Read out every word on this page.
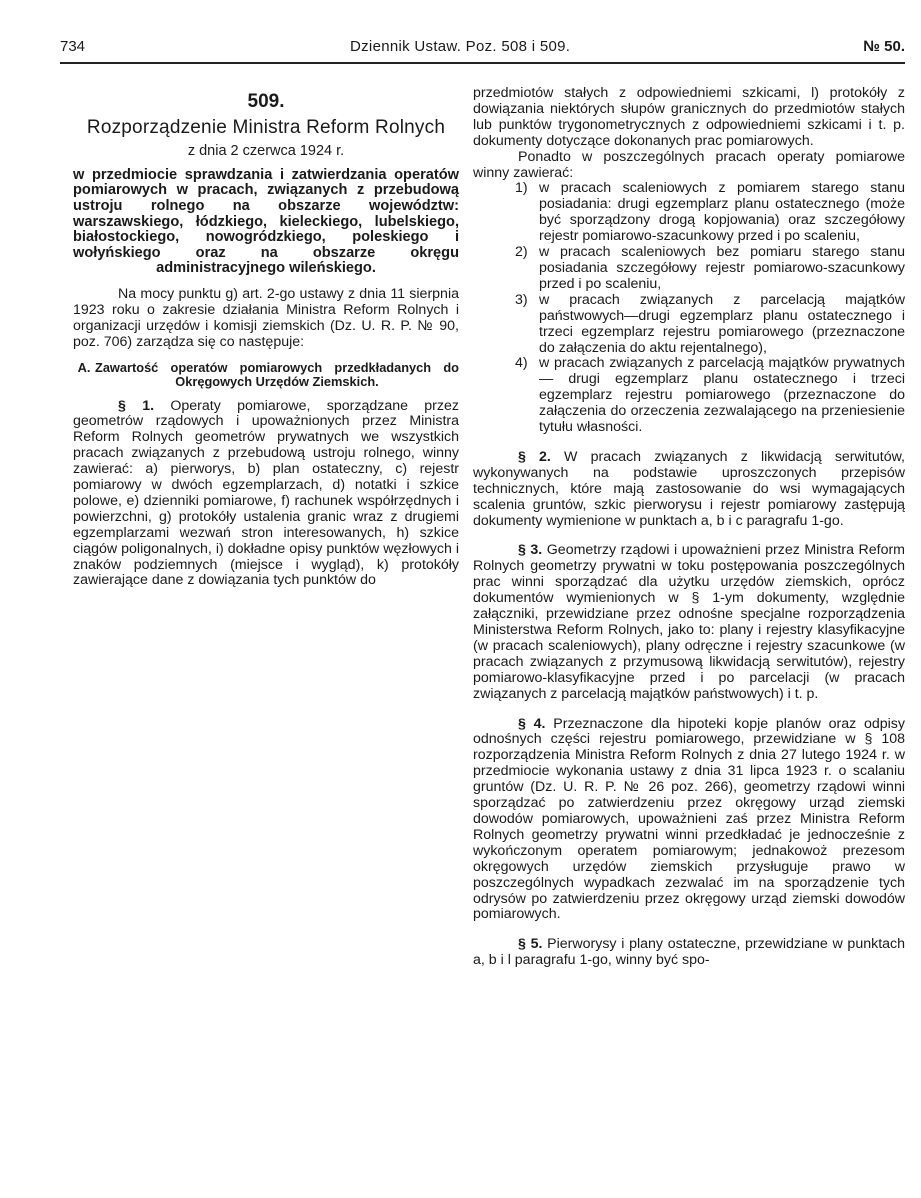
734	Dziennik Ustaw. Poz. 508 i 509.	№ 50.
509.
Rozporządzenie Ministra Reform Rolnych
z dnia 2 czerwca 1924 r.
w przedmiocie sprawdzania i zatwierdzania operatów pomiarowych w pracach, związanych z przebudową ustroju rolnego na obszarze województw: warszawskiego, łódzkiego, kieleckiego, lubelskiego, białostockiego, nowogródzkiego, poleskiego i wołyńskiego oraz na obszarze okręgu administracyjnego wileńskiego.

Na mocy punktu g) art. 2-go ustawy z dnia 11 sierpnia 1923 roku o zakresie działania Ministra Reform Rolnych i organizacji urzędów i komisji ziemskich (Dz. U. R. P. № 90, poz. 706) zarządza się co następuje:

A. Zawartość operatów pomiarowych przedkładanych do Okręgowych Urzędów Ziemskich.

§ 1. Operaty pomiarowe, sporządzane przez geometrów rządowych i upoważnionych przez Ministra Reform Rolnych geometrów prywatnych we wszystkich pracach związanych z przebudową ustroju rolnego, winny zawierać: a) pierworys, b) plan ostateczny, c) rejestr pomiarowy w dwóch egzemplarzach, d) notatki i szkice polowe, e) dzienniki pomiarowe, f) rachunek współrzędnych i powierzchni, g) protokóły ustalenia granic wraz z drugiemi egzemplarzami wezwań stron interesowanych, h) szkice ciągów poligonalnych, i) dokładne opisy punktów węzłowych i znaków podziemnych (miejsce i wygląd), k) protokóły zawierające dane z dowiązania tych punktów do

przedmiotów stałych z odpowiedniemi szkicami, l) protokóły z dowiązania niektórych słupów granicznych do przedmiotów stałych lub punktów trygonometrycznych z odpowiedniemi szkicami i t. p. dokumenty dotyczące dokonanych prac pomiarowych.

Ponadto w poszczególnych pracach operaty pomiarowe winny zawierać:

1) w pracach scaleniowych z pomiarem starego stanu posiadania: drugi egzemplarz planu ostatecznego (może być sporządzony drogą kopjowania) oraz szczegółowy rejestr pomiarowo-szacunkowy przed i po scaleniu,
2) w pracach scaleniowych bez pomiaru starego stanu posiadania szczegółowy rejestr pomiarowo-szacunkowy przed i po scaleniu,
3) w pracach związanych z parcelacją majątków państwowych—drugi egzemplarz planu ostatecznego i trzeci egzemplarz rejestru pomiarowego (przeznaczone do załączenia do aktu rejentalnego),
4) w pracach związanych z parcelacją majątków prywatnych — drugi egzemplarz planu ostatecznego i trzeci egzemplarz rejestru pomiarowego (przeznaczone do załączenia do orzeczenia zezwalającego na przeniesienie tytułu własności.

§ 2. W pracach związanych z likwidacją serwitutów, wykonywanych na podstawie uproszczonych przepisów technicznych, które mają zastosowanie do wsi wymagających scalenia gruntów, szkic pierworysu i rejestr pomiarowy zastępują dokumenty wymienione w punktach a, b i c paragrafu 1-go.

§ 3. Geometrzy rządowi i upoważnieni przez Ministra Reform Rolnych geometrzy prywatni w toku postępowania poszczególnych prac winni sporządzać dla użytku urzędów ziemskich, oprócz dokumentów wymienionych w § 1-ym dokumenty, względnie załączniki, przewidziane przez odnośne specjalne rozporządzenia Ministerstwa Reform Rolnych, jako to: plany i rejestry klasyfikacyjne (w pracach scaleniowych), plany odręczne i rejestry szacunkowe (w pracach związanych z przymusową likwidacją serwitutów), rejestry pomiarowo-klasyfikacyjne przed i po parcelacji (w pracach związanych z parcelacją majątków państwowych) i t. p.

§ 4. Przeznaczone dla hipoteki kopje planów oraz odpisy odnośnych części rejestru pomiarowego, przewidziane w § 108 rozporządzenia Ministra Reform Rolnych z dnia 27 lutego 1924 r. w przedmiocie wykonania ustawy z dnia 31 lipca 1923 r. o scalaniu gruntów (Dz. U. R. P. № 26 poz. 266), geometrzy rządowi winni sporządzać po zatwierdzeniu przez okręgowy urząd ziemski dowodów pomiarowych, upoważnieni zaś przez Ministra Reform Rolnych geometrzy prywatni winni przedkładać je jednocześnie z wykończonym operatem pomiarowym; jednakowoż prezesom okręgowych urzędów ziemskich przysługuje prawo w poszczególnych wypadkach zezwalać im na sporządzenie tych odrysów po zatwierdzeniu przez okręgowy urząd ziemski dowodów pomiarowych.

§ 5. Pierworysy i plany ostateczne, przewidziane w punktach a, b i l paragrafu 1-go, winny być spo-
